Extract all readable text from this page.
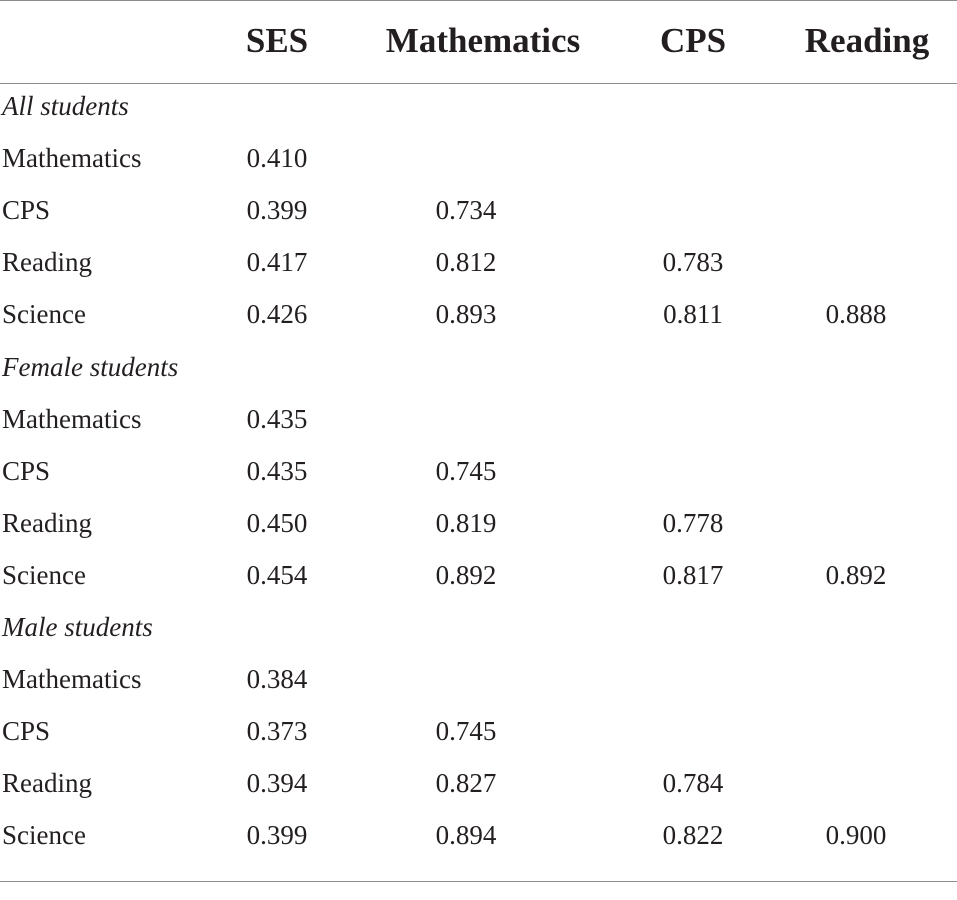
SES Mathematics CPS Reading
All students
Mathematics	0.410
CPS	0.399	0.734
Reading	0.417	0.812	0.783
Science	0.426	0.893	0.811	0.888
Female students
Mathematics	0.435
CPS	0.435	0.745
Reading	0.450	0.819	0.778
Science	0.454	0.892	0.817	0.892
Male students
Mathematics	0.384
CPS	0.373	0.745
Reading	0.394	0.827	0.784
Science	0.399	0.894	0.822	0.900
